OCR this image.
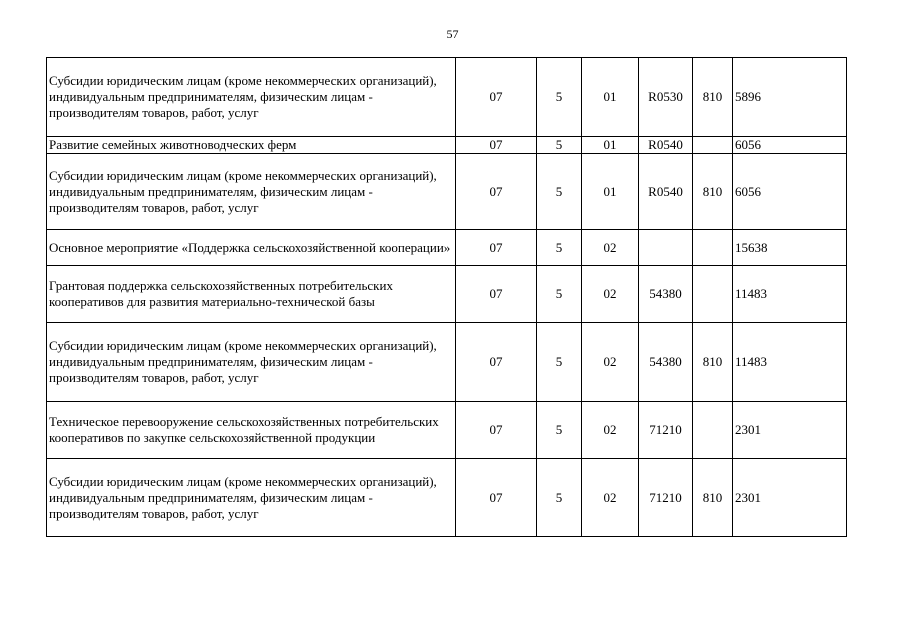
57
Субсидии юридическим лицам (кроме некоммерческих организаций), индивидуальным предпринимателям, физическим лицам - производителям товаров, работ, услуг	07	5	01	R0530	810	5896
Развитие семейных животноводческих ферм	07	5	01	R0540		6056
Субсидии юридическим лицам (кроме некоммерческих организаций), индивидуальным предпринимателям, физическим лицам - производителям товаров, работ, услуг	07	5	01	R0540	810	6056
Основное мероприятие «Поддержка сельскохозяйственной кооперации»	07	5	02			15638
Грантовая поддержка сельскохозяйственных потребительских кооперативов для развития материально-технической базы	07	5	02	54380		11483
Субсидии юридическим лицам (кроме некоммерческих организаций), индивидуальным предпринимателям, физическим лицам - производителям товаров, работ, услуг	07	5	02	54380	810	11483
Техническое перевооружение сельскохозяйственных потребительских кооперативов по закупке сельскохозяйственной продукции	07	5	02	71210		2301
Субсидии юридическим лицам (кроме некоммерческих организаций), индивидуальным предпринимателям, физическим лицам - производителям товаров, работ, услуг	07	5	02	71210	810	2301
